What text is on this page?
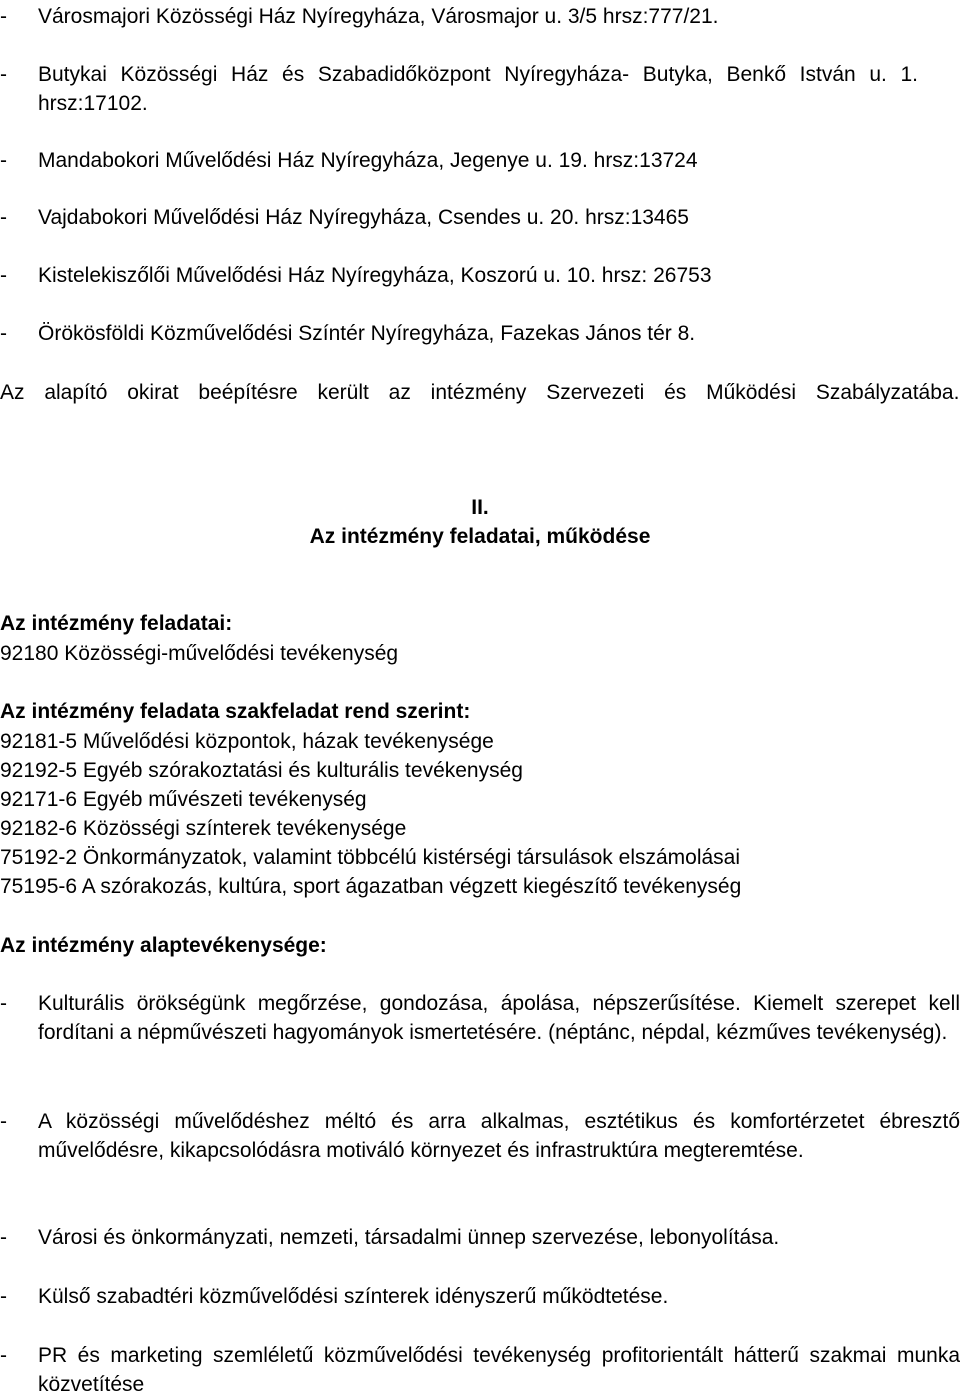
-	Városmajori Közösségi Ház Nyíregyháza, Városmajor u. 3/5 hrsz:777/21.
-	Butykai Közösségi Ház és Szabadidőközpont Nyíregyháza- Butyka, Benkő István u. 1. hrsz:17102.
-	Mandabokori Művelődési Ház Nyíregyháza, Jegenye u. 19. hrsz:13724
-	Vajdabokori Művelődési Ház Nyíregyháza, Csendes u. 20. hrsz:13465
-	Kistelekiszőlői Művelődési Ház Nyíregyháza, Koszorú u. 10. hrsz: 26753
-	Örökösföldi Közművelődési Színtér Nyíregyháza, Fazekas János tér 8.
Az alapító okirat beépítésre került az intézmény Szervezeti és Működési Szabályzatába.
II.
Az intézmény feladatai, működése
Az intézmény feladatai:
92180 Közösségi-művelődési tevékenység
Az intézmény feladata szakfeladat rend szerint:
92181-5 Művelődési központok, házak tevékenysége
92192-5 Egyéb szórakoztatási és kulturális tevékenység
92171-6 Egyéb művészeti tevékenység
92182-6 Közösségi színterek tevékenysége
75192-2 Önkormányzatok, valamint többcélú kistérségi társulások elszámolásai
75195-6 A szórakozás, kultúra, sport ágazatban végzett kiegészítő tevékenység
Az intézmény alaptevékenysége:
-	Kulturális örökségünk megőrzése, gondozása, ápolása, népszerűsítése. Kiemelt szerepet kell fordítani a népművészeti hagyományok ismertetésére. (néptánc, népdal, kézműves tevékenység).
-	A közösségi művelődéshez méltó és arra alkalmas, esztétikus és komfortérzetet ébresztő művelődésre, kikapcsolódásra motiváló környezet és infrastruktúra megteremtése.
-	Városi és önkormányzati, nemzeti, társadalmi ünnep szervezése, lebonyolítása.
-	Külső szabadtéri közművelődési színterek idényszerű működtetése.
-	PR és marketing szemléletű közművelődési tevékenység profitorientált hátterű szakmai munka közvetítése
